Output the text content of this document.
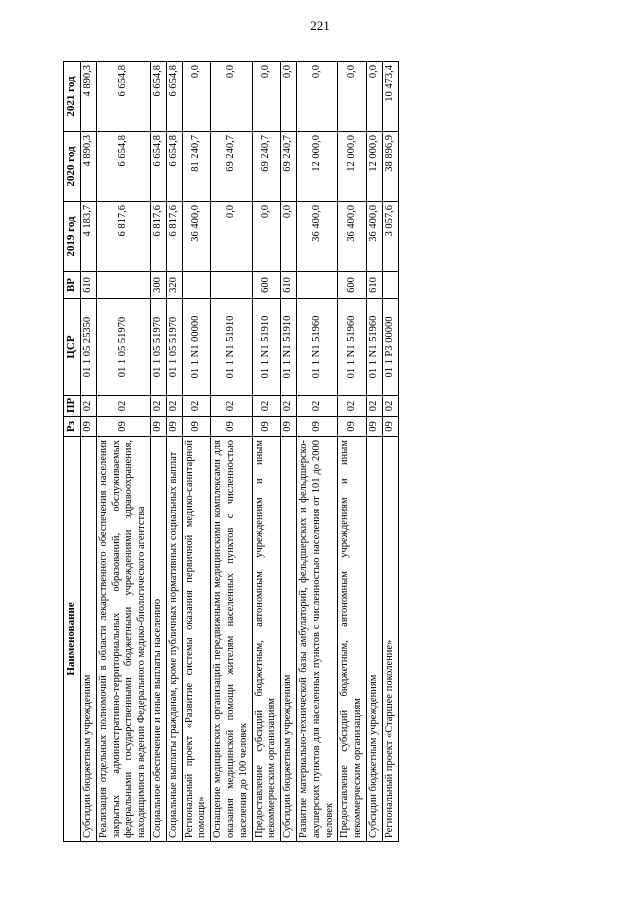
221
Наименование	Рз	ПР	ЦСР	ВР	2019 год	2020 год	2021 год
Субсидии бюджетным учреждениям	09	02	01 1 05 25350	610	4 183,7	4 890,3	4 890,3
Реализация отдельных полномочий в области лекарственного обеспечения населения закрытых административно-территориальных образований, обслуживаемых федеральными государственными бюджетными учреждениями здравоохранения, находящимися в ведении Федерального медико-биологического агентства	09	02	01 1 05 51970		6 817,6	6 654,8	6 654,8
Социальное обеспечение и иные выплаты населению	09	02	01 1 05 51970	300	6 817,6	6 654,8	6 654,8
Социальные выплаты гражданам, кроме публичных нормативных социальных выплат	09	02	01 1 05 51970	320	6 817,6	6 654,8	6 654,8
Региональный проект «Развитие системы оказания первичной медико-санитарной помощи»	09	02	01 1 N1 00000		36 400,0	81 240,7	0,0
Оснащение медицинских организаций передвижными медицинскими комплексами для оказания медицинской помощи жителям населенных пунктов с численностью населения до 100 человек	09	02	01 1 N1 51910		0,0	69 240,7	0,0
Предоставление субсидий бюджетным, автономным учреждениям и иным некоммерческим организациям	09	02	01 1 N1 51910	600	0,0	69 240,7	0,0
Субсидии бюджетным учреждениям	09	02	01 1 N1 51910	610	0,0	69 240,7	0,0
Развитие материально-технической базы амбулаторий, фельдшерских и фельдшерско-акушерских пунктов для населенных пунктов с численностью населения от 101 до 2000 человек	09	02	01 1 N1 51960		36 400,0	12 000,0	0,0
Предоставление субсидий бюджетным, автономным учреждениям и иным некоммерческим организациям	09	02	01 1 N1 51960	600	36 400,0	12 000,0	0,0
Субсидии бюджетным учреждениям	09	02	01 1 N1 51960	610	36 400,0	12 000,0	0,0
Региональный проект «Старшее поколение»	09	02	01 1 P3 00000		3 057,6	38 896,9	10 473,4
